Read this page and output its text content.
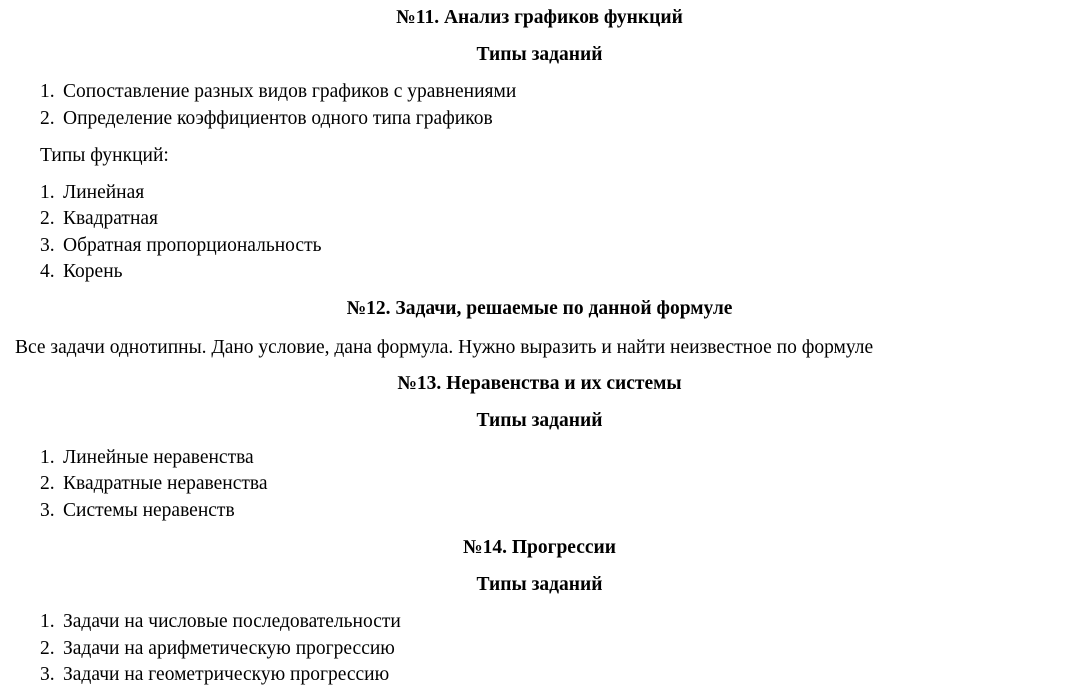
№11. Анализ графиков функций
Типы заданий
1. Сопоставление разных видов графиков с уравнениями
2. Определение коэффициентов одного типа графиков
Типы функций:
1. Линейная
2. Квадратная
3. Обратная пропорциональность
4. Корень
№12. Задачи, решаемые по данной формуле
Все задачи однотипны. Дано условие, дана формула. Нужно выразить и найти неизвестное по формуле
№13. Неравенства и их системы
Типы заданий
1. Линейные неравенства
2. Квадратные неравенства
3. Системы неравенств
№14. Прогрессии
Типы заданий
1. Задачи на числовые последовательности
2. Задачи на арифметическую прогрессию
3. Задачи на геометрическую прогрессию
